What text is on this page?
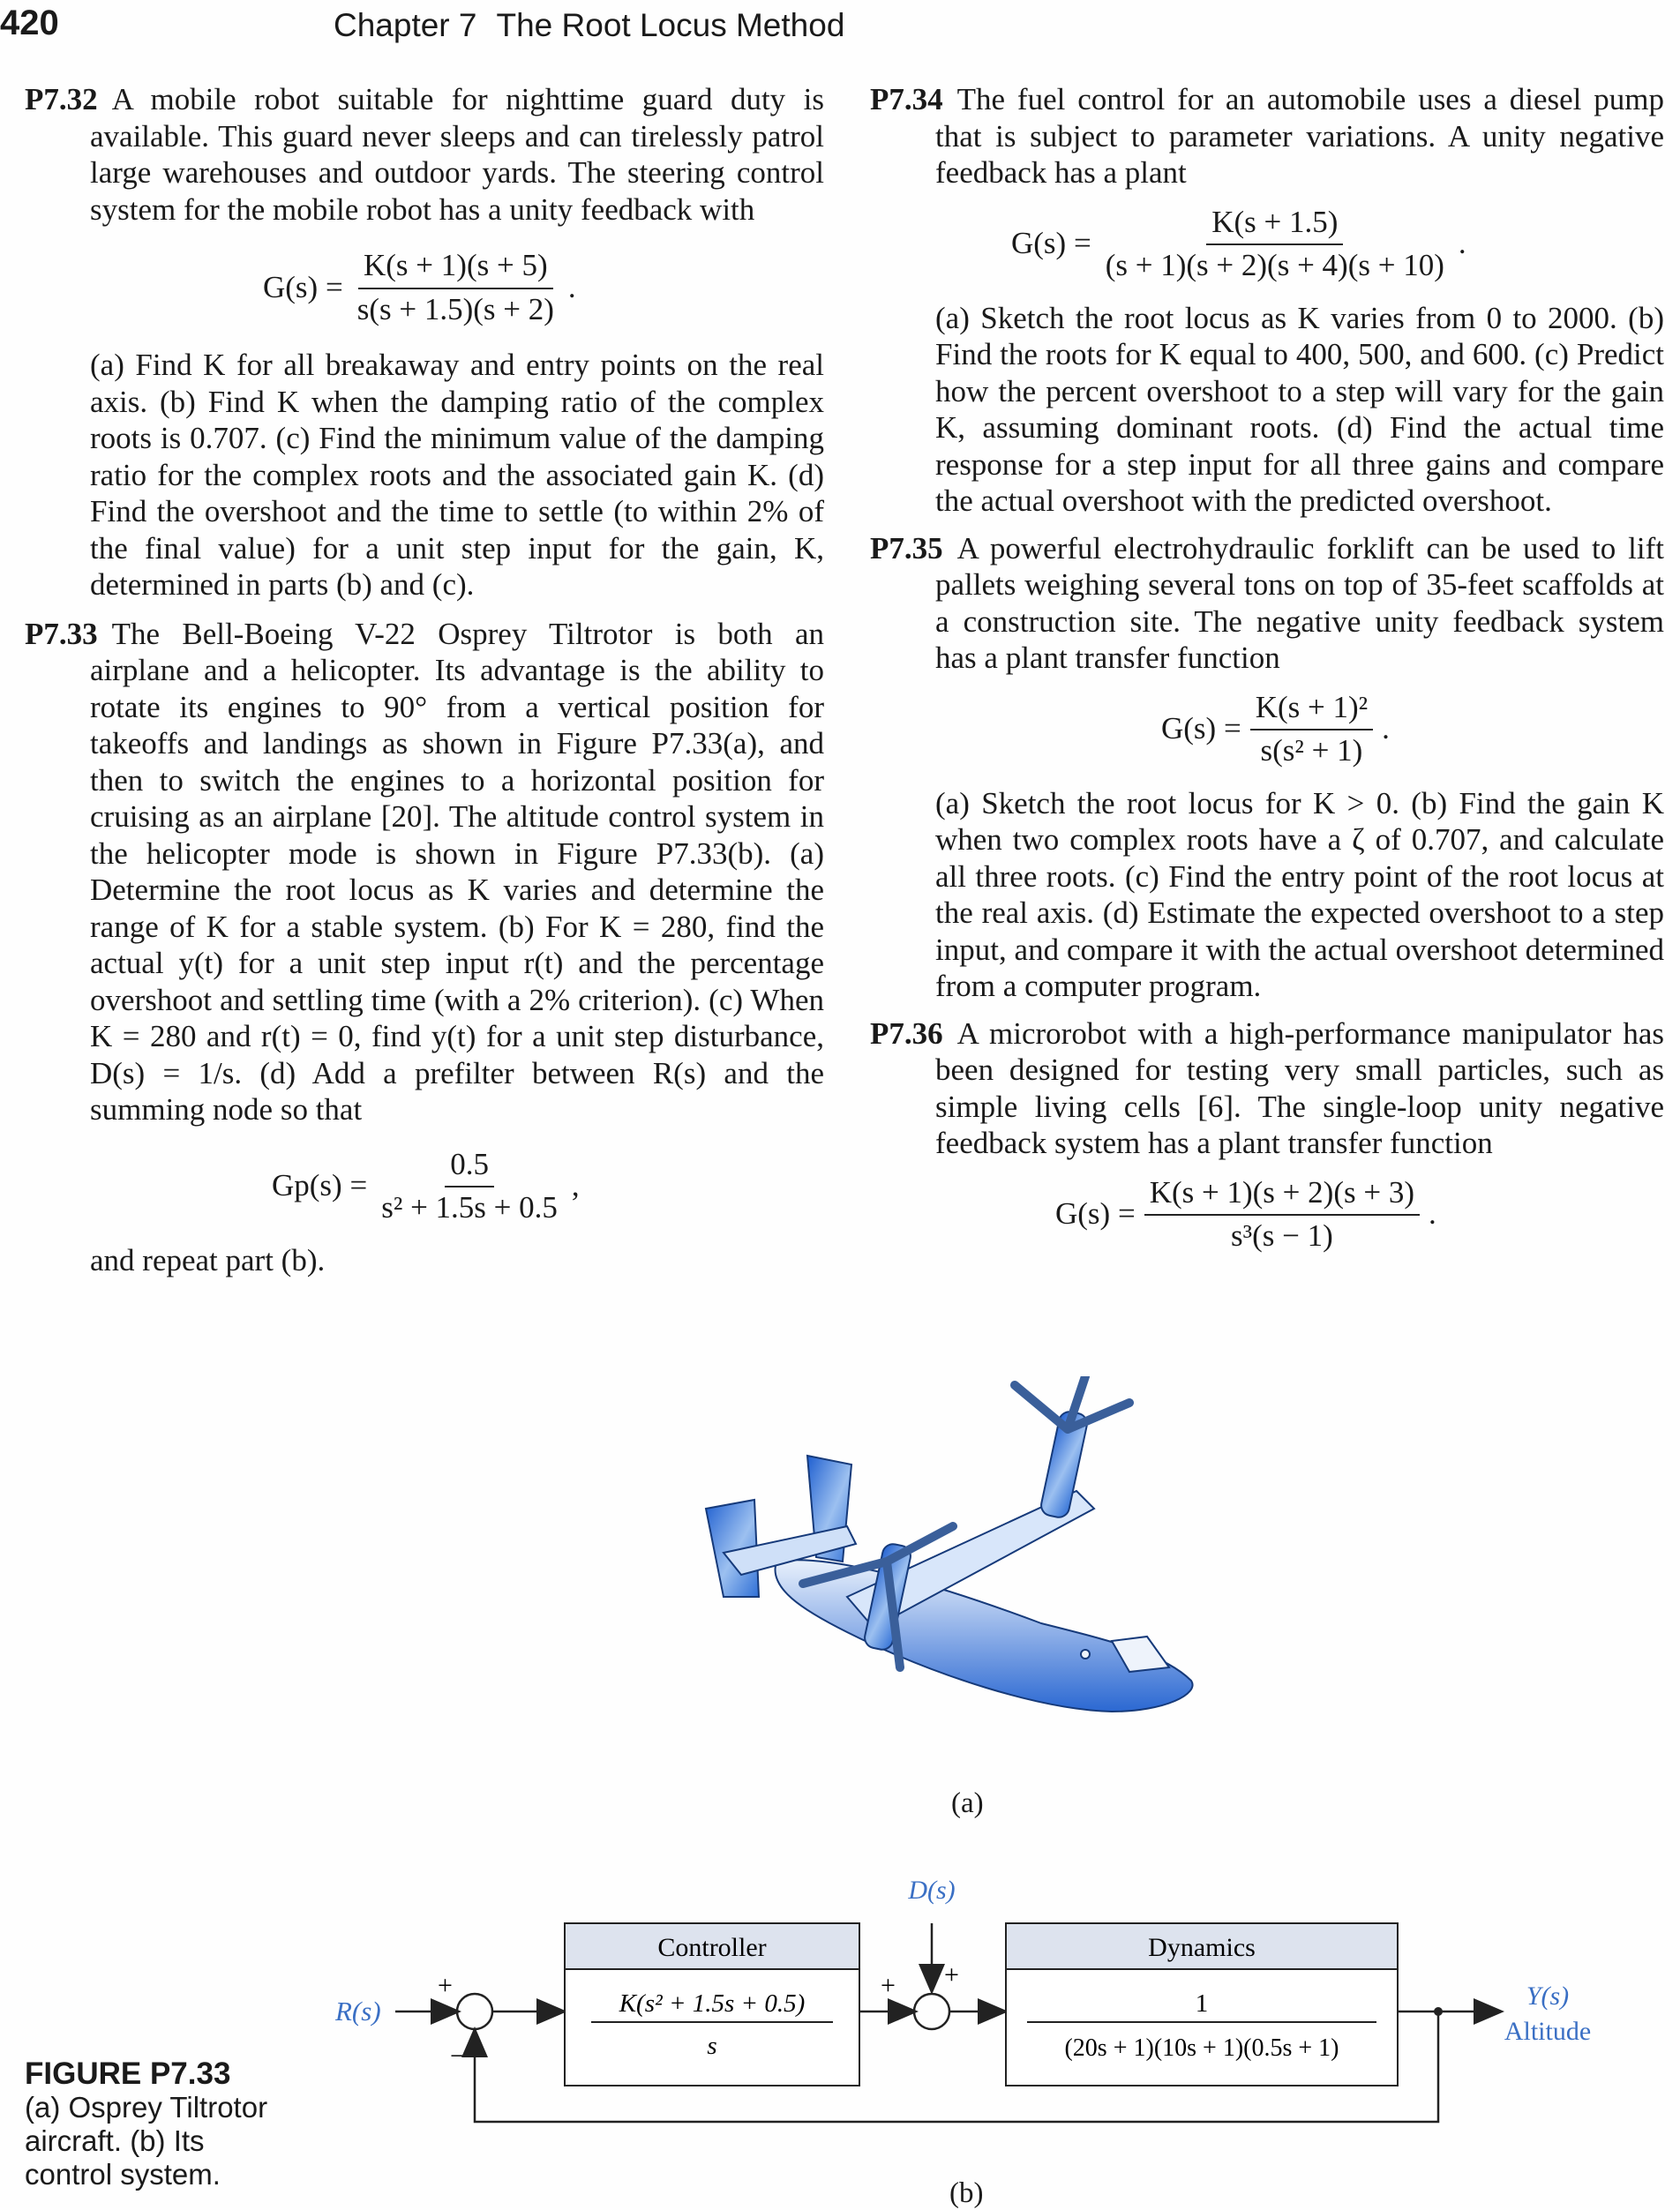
420	Chapter 7 The Root Locus Method
P7.32 A mobile robot suitable for nighttime guard duty is available. This guard never sleeps and can tirelessly patrol large warehouses and outdoor yards. The steering control system for the mobile robot has a unity feedback with
$G(s) = \frac{K(s + 1)(s + 5)}{s(s + 1.5)(s + 2)}$ .
(a) Find K for all breakaway and entry points on the real axis. (b) Find K when the damping ratio of the complex roots is 0.707. (c) Find the minimum value of the damping ratio for the complex roots and the associated gain K. (d) Find the overshoot and the time to settle (to within 2% of the final value) for a unit step input for the gain, K, determined in parts (b) and (c).
P7.33 The Bell-Boeing V-22 Osprey Tiltrotor is both an airplane and a helicopter. Its advantage is the ability to rotate its engines to 90° from a vertical position for takeoffs and landings as shown in Figure P7.33(a), and then to switch the engines to a horizontal position for cruising as an airplane [20]. The altitude control system in the helicopter mode is shown in Figure P7.33(b). (a) Determine the root locus as K varies and determine the range of K for a stable system. (b) For K = 280, find the actual y(t) for a unit step input r(t) and the percentage overshoot and settling time (with a 2% criterion). (c) When K = 280 and r(t) = 0, find y(t) for a unit step disturbance, D(s) = 1/s. (d) Add a prefilter between R(s) and the summing node so that
$Gp(s) = \frac{0.5}{\text{s² + 1.5s + 0.5}}$ ,
and repeat part (b).
P7.34 The fuel control for an automobile uses a diesel pump that is subject to parameter variations. A unity negative feedback has a plant
$G(s) = \frac{K(s + 1.5)}{(s + 1)(s + 2)(s + 4)(s + 10)}$ .
(a) Sketch the root locus as K varies from 0 to 2000. (b) Find the roots for K equal to 400, 500, and 600. (c) Predict how the percent overshoot to a step will vary for the gain K, assuming dominant roots. (d) Find the actual time response for a step input for all three gains and compare the actual overshoot with the predicted overshoot.
P7.35 A powerful electrohydraulic forklift can be used to lift pallets weighing several tons on top of 35-feet scaffolds at a construction site. The negative unity feedback system has a plant transfer function
$G(s) = \frac{\text{K(s + 1)²}}{\text{s(s² + 1)}}$ .
(a) Sketch the root locus for K > 0. (b) Find the gain K when two complex roots have a ζ of 0.707, and calculate all three roots. (c) Find the entry point of the root locus at the real axis. (d) Estimate the expected overshoot to a step input, and compare it with the actual overshoot determined from a computer program.
P7.36 A microrobot with a high-performance manipulator has been designed for testing very small particles, such as simple living cells [6]. The single-loop unity negative feedback system has a plant transfer function
$G(s) = \frac{K(s + 1)(s + 2)(s + 3)}{\text{s³(s − 1)}}$ .
(a)
R(s)
+
−
Controller
K(s² + 1.5s + 0.5)
s
D(s)
+ +
Dynamics
1
(20s + 1)(10s + 1)(0.5s + 1)
Y(s)
Altitude
(b)
FIGURE P7.33
(a) Osprey Tiltrotor aircraft. (b) Its control system.
